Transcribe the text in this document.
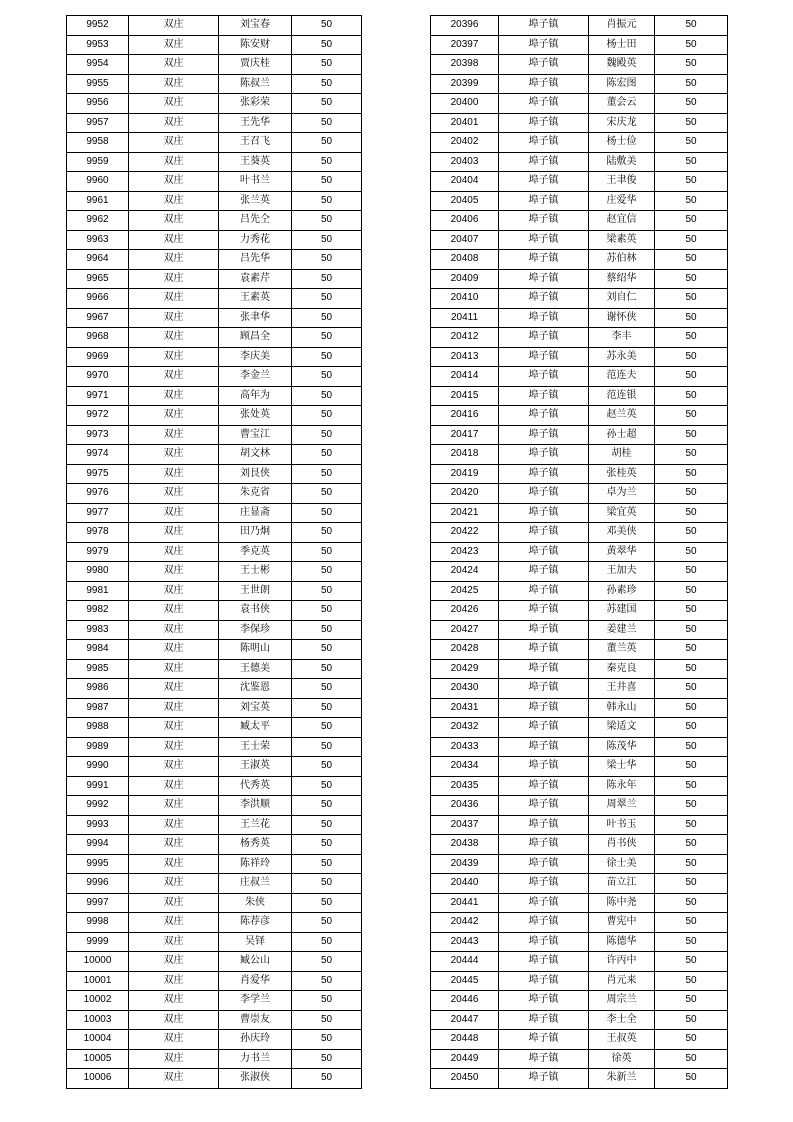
9952	双庄	刘宝春	50
9953	双庄	陈安财	50
9954	双庄	贾庆桂	50
9955	双庄	陈叔兰	50
9956	双庄	张彩荣	50
9957	双庄	王先华	50
9958	双庄	王召飞	50
9959	双庄	王葵英	50
9960	双庄	叶书兰	50
9961	双庄	张兰英	50
9962	双庄	吕先仝	50
9963	双庄	力秀花	50
9964	双庄	吕先华	50
9965	双庄	袁素芹	50
9966	双庄	王素英	50
9967	双庄	张聿华	50
9968	双庄	顾昌全	50
9969	双庄	李庆美	50
9970	双庄	李金兰	50
9971	双庄	高年为	50
9972	双庄	张处英	50
9973	双庄	曹宝江	50
9974	双庄	胡文林	50
9975	双庄	刘艮侠	50
9976	双庄	朱克省	50
9977	双庄	庄显斋	50
9978	双庄	田乃炯	50
9979	双庄	季克英	50
9980	双庄	王士彬	50
9981	双庄	王世朗	50
9982	双庄	袁书侠	50
9983	双庄	李保珍	50
9984	双庄	陈明山	50
9985	双庄	王德美	50
9986	双庄	沈鉴恩	50
9987	双庄	刘宝英	50
9988	双庄	臧太平	50
9989	双庄	王士荣	50
9990	双庄	王淑英	50
9991	双庄	代秀英	50
9992	双庄	李洪顺	50
9993	双庄	王兰花	50
9994	双庄	杨秀英	50
9995	双庄	陈祥玲	50
9996	双庄	庄叔兰	50
9997	双庄	朱侠	50
9998	双庄	陈荐彦	50
9999	双庄	吴铎	50
10000	双庄	臧公山	50
10001	双庄	肖爱华	50
10002	双庄	李学兰	50
10003	双庄	曹崇友	50
10004	双庄	孙庆玲	50
10005	双庄	力书兰	50
10006	双庄	张淑侠	50
20396	埠子镇	肖振元	50
20397	埠子镇	杨士田	50
20398	埠子镇	魏殿英	50
20399	埠子镇	陈宏图	50
20400	埠子镇	董会云	50
20401	埠子镇	宋庆龙	50
20402	埠子镇	杨士俭	50
20403	埠子镇	陆敷美	50
20404	埠子镇	王聿俊	50
20405	埠子镇	庄爱华	50
20406	埠子镇	赵宜信	50
20407	埠子镇	梁素英	50
20408	埠子镇	苏伯林	50
20409	埠子镇	蔡绍华	50
20410	埠子镇	刘自仁	50
20411	埠子镇	谢怀侠	50
20412	埠子镇	李丰	50
20413	埠子镇	苏永美	50
20414	埠子镇	范连夫	50
20415	埠子镇	范连银	50
20416	埠子镇	赵兰英	50
20417	埠子镇	孙士超	50
20418	埠子镇	胡桂	50
20419	埠子镇	张桂英	50
20420	埠子镇	卓为兰	50
20421	埠子镇	梁宜英	50
20422	埠子镇	邓美侠	50
20423	埠子镇	黄翠华	50
20424	埠子镇	王加夫	50
20425	埠子镇	孙素珍	50
20426	埠子镇	苏建国	50
20427	埠子镇	姜建兰	50
20428	埠子镇	董兰英	50
20429	埠子镇	秦克良	50
20430	埠子镇	王井喜	50
20431	埠子镇	韩永山	50
20432	埠子镇	梁适文	50
20433	埠子镇	陈茂华	50
20434	埠子镇	梁士华	50
20435	埠子镇	陈永年	50
20436	埠子镇	周翠兰	50
20437	埠子镇	叶书玉	50
20438	埠子镇	肖书侠	50
20439	埠子镇	徐士美	50
20440	埠子镇	苗立江	50
20441	埠子镇	陈中尧	50
20442	埠子镇	曹宪中	50
20443	埠子镇	陈德华	50
20444	埠子镇	许丙中	50
20445	埠子镇	肖元来	50
20446	埠子镇	周宗兰	50
20447	埠子镇	李士全	50
20448	埠子镇	王叔英	50
20449	埠子镇	徐英	50
20450	埠子镇	朱新兰	50
